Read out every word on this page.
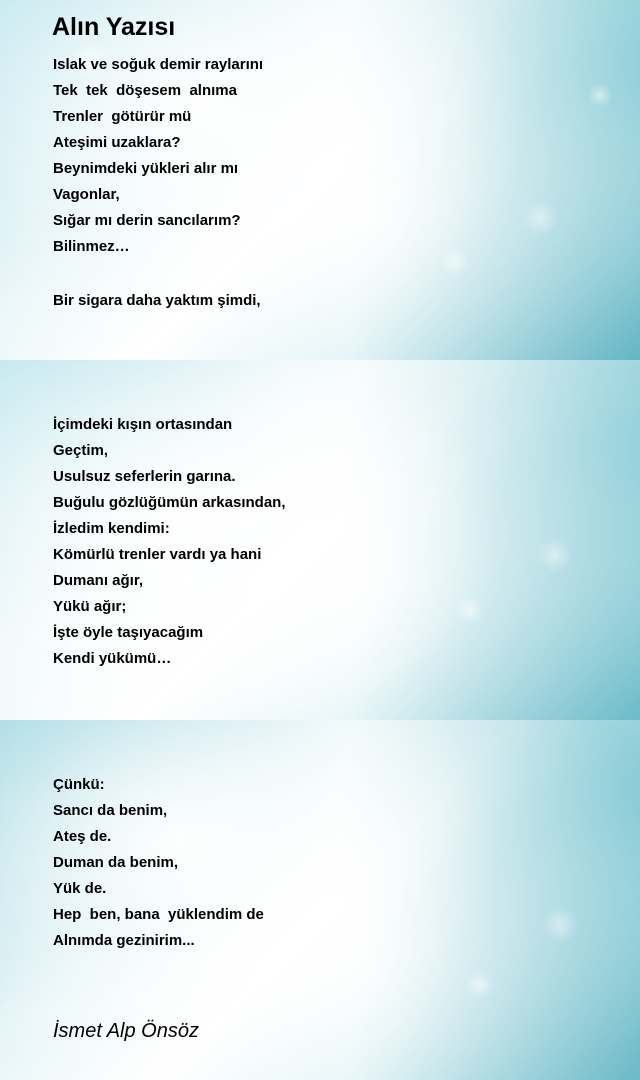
Alın Yazısı
Islak ve soğuk demir raylarını
Tek  tek  döşesem  alnıma
Trenler  götürür mü
Ateşimi uzaklara?
Beynimdeki yükleri alır mı
Vagonlar,
Sığar mı derin sancılarım?
Bilinmez…
Bir sigara daha yaktım şimdi,
İçimdeki kışın ortasından
Geçtim,
Usulsuz seferlerin garına.
Buğulu gözlüğümün arkasından,
İzledim kendimi:
Kömürlü trenler vardı ya hani
Dumanı ağır,
Yükü ağır;
İşte öyle taşıyacağım
Kendi yükümü…
Çünkü:
Sancı da benim,
Ateş de.
Duman da benim,
Yük de.
Hep  ben, bana  yüklendim de
Alnımda gezinirim...
İsmet Alp Önsöz
